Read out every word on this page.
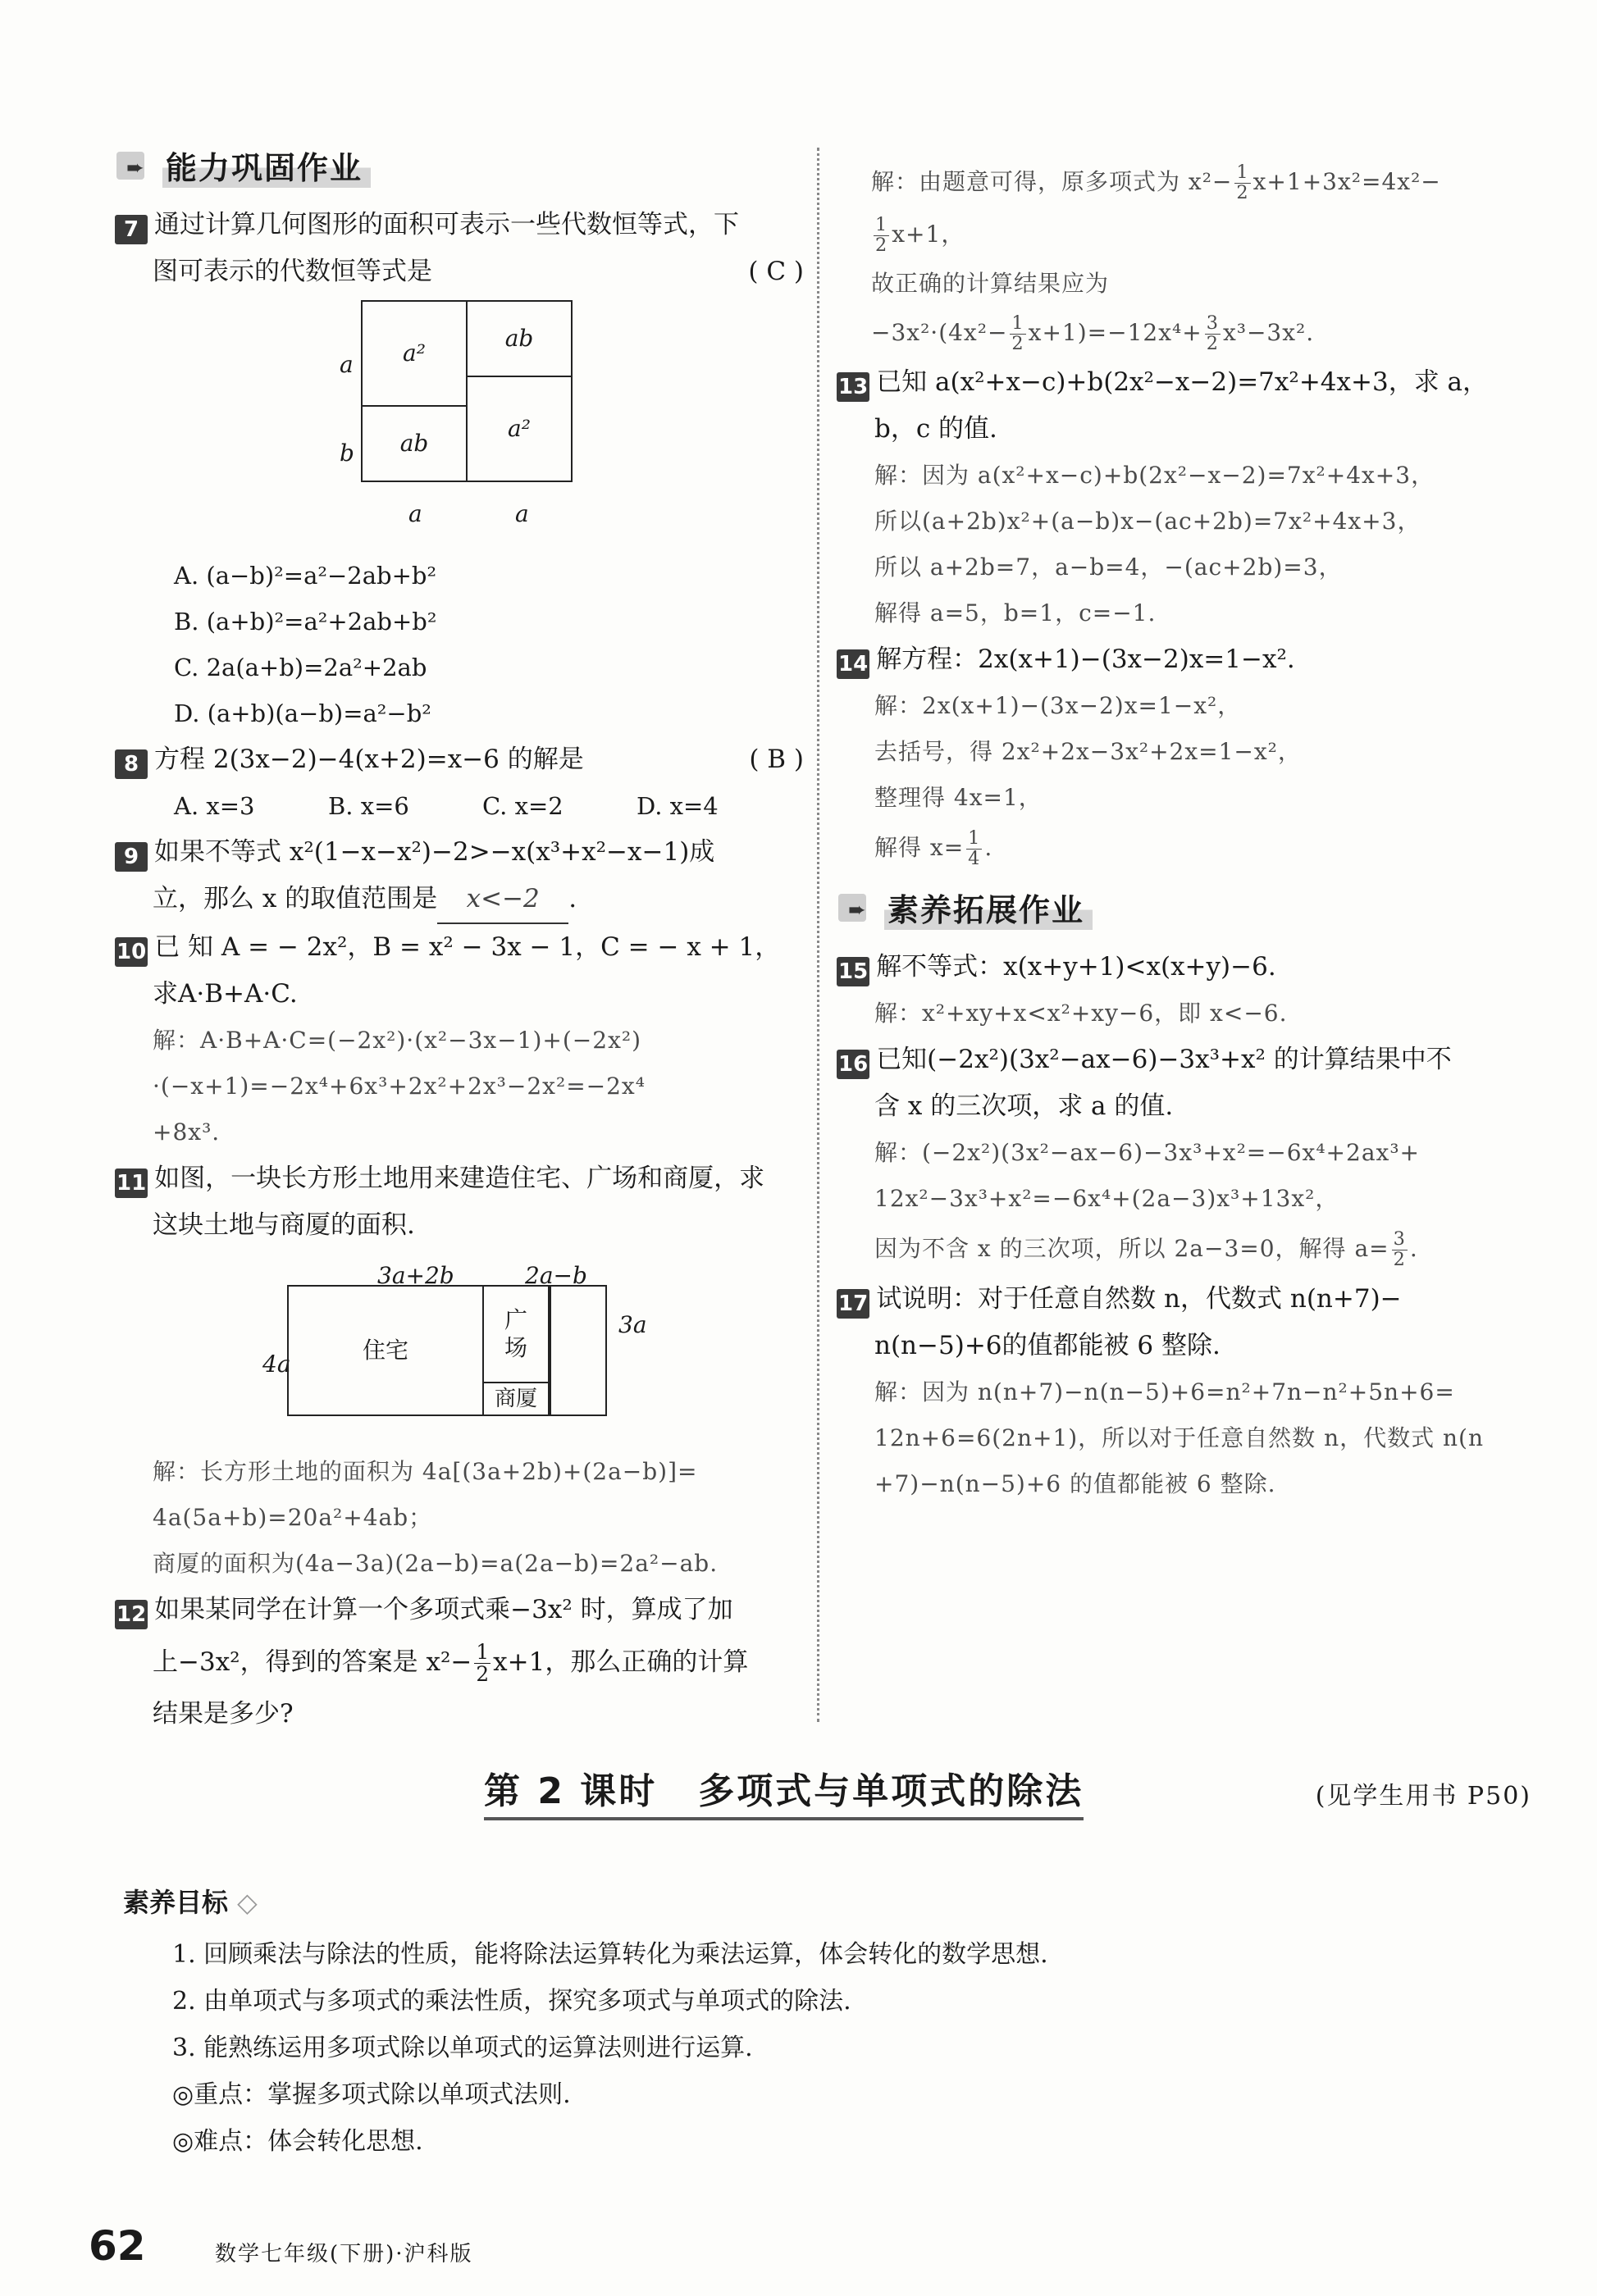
➨ 能力巩固作业
7 通过计算几何图形的面积可表示一些代数恒等式，下
图可表示的代数恒等式是	( C )
a²
ab
ab
a²
a
b
a	a
A. (a−b)²=a²−2ab+b²
B. (a+b)²=a²+2ab+b²
C. 2a(a+b)=2a²+2ab
D. (a+b)(a−b)=a²−b²
8 方程 2(3x−2)−4(x+2)=x−6 的解是	( B )
A. x=3	B. x=6	C. x=2	D. x=4
9 如果不等式 x²(1−x−x²)−2>−x(x³+x²−x−1)成
立，那么 x 的取值范围是 x<−2 .
10 已 知 A = − 2x²，B = x² − 3x − 1，C = − x + 1，
求A·B+A·C.
解：A·B+A·C=(−2x²)·(x²−3x−1)+(−2x²)
·(−x+1)=−2x⁴+6x³+2x²+2x³−2x²=−2x⁴
+8x³.
11 如图，一块长方形土地用来建造住宅、广场和商厦，求
这块土地与商厦的面积.
3a+2b	2a−b
4a
3a
住宅
广
场
商厦
解：长方形土地的面积为 4a[(3a+2b)+(2a−b)]=
4a(5a+b)=20a²+4ab；
商厦的面积为(4a−3a)(2a−b)=a(2a−b)=2a²−ab.
12 如果某同学在计算一个多项式乘−3x² 时，算成了加
上−3x²，得到的答案是 $x^2- \frac{1}{2} x+1$，那么正确的计算
结果是多少?
解：由题意可得，原多项式为 $x^2- \frac{1}{2} x+1+3x^2=4x^2-$
$\frac{1}{2} x+1$，
故正确的计算结果应为
$-3x^2\cdot(4x^2- \frac{1}{2} x+1)=-12x^4+ \frac{3}{2} x^3-3x^2$.
13 已知 a(x²+x−c)+b(2x²−x−2)=7x²+4x+3，求 a，
b，c 的值.
解：因为 a(x²+x−c)+b(2x²−x−2)=7x²+4x+3，
所以(a+2b)x²+(a−b)x−(ac+2b)=7x²+4x+3，
所以 a+2b=7，a−b=4，−(ac+2b)=3，
解得 a=5，b=1，c=−1.
14 解方程：2x(x+1)−(3x−2)x=1−x².
解：2x(x+1)−(3x−2)x=1−x²，
去括号，得 2x²+2x−3x²+2x=1−x²，
整理得 4x=1，
解得 $x= \frac{1}{4}$ .
➨ 素养拓展作业
15 解不等式：x(x+y+1)<x(x+y)−6.
解：x²+xy+x<x²+xy−6，即 x<−6.
16 已知(−2x²)(3x²−ax−6)−3x³+x² 的计算结果中不
含 x 的三次项，求 a 的值.
解：(−2x²)(3x²−ax−6)−3x³+x²=−6x⁴+2ax³+
12x²−3x³+x²=−6x⁴+(2a−3)x³+13x²，
因为不含 x 的三次项，所以 2a−3=0，解得 $a= \frac{3}{2}$ .
17 试说明：对于任意自然数 n，代数式 n(n+7)−
n(n−5)+6的值都能被 6 整除.
解：因为 n(n+7)−n(n−5)+6=n²+7n−n²+5n+6=
12n+6=6(2n+1)，所以对于任意自然数 n，代数式 n(n
+7)−n(n−5)+6 的值都能被 6 整除.
第 2 课时 多项式与单项式的除法	(见学生用书 P50)
素养目标 ◇
1. 回顾乘法与除法的性质，能将除法运算转化为乘法运算，体会转化的数学思想.
2. 由单项式与多项式的乘法性质，探究多项式与单项式的除法.
3. 能熟练运用多项式除以单项式的运算法则进行运算.
◎重点：掌握多项式除以单项式法则.
◎难点：体会转化思想.
62	数学七年级(下册)·沪科版
